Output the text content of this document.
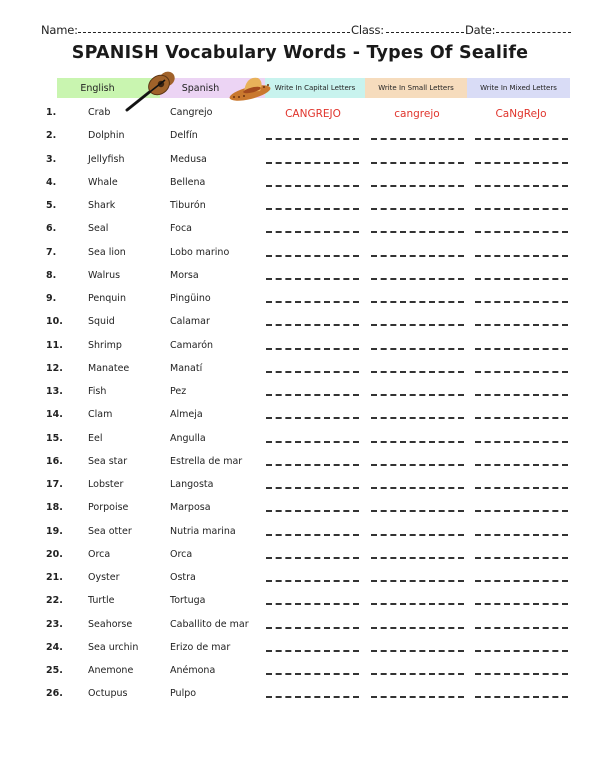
Name:	Class:	Date:
SPANISH Vocabulary Words - Types Of Sealife
English	Spanish	Write In Capital Letters	Write In Small Letters	Write In Mixed Letters
1.	Crab	Cangrejo	CANGREJO	cangrejo	CaNgReJo
2.	Dolphin	Delfín
3.	Jellyfish	Medusa
4.	Whale	Bellena
5.	Shark	Tiburón
6.	Seal	Foca
7.	Sea lion	Lobo marino
8.	Walrus	Morsa
9.	Penquin	Pingüino
10.	Squid	Calamar
11.	Shrimp	Camarón
12.	Manatee	Manatí
13.	Fish	Pez
14.	Clam	Almeja
15.	Eel	Angulla
16.	Sea star	Estrella de mar
17.	Lobster	Langosta
18.	Porpoise	Marposa
19.	Sea otter	Nutria marina
20.	Orca	Orca
21.	Oyster	Ostra
22.	Turtle	Tortuga
23.	Seahorse	Caballito de mar
24.	Sea urchin	Erizo de mar
25.	Anemone	Anémona
26.	Octupus	Pulpo
